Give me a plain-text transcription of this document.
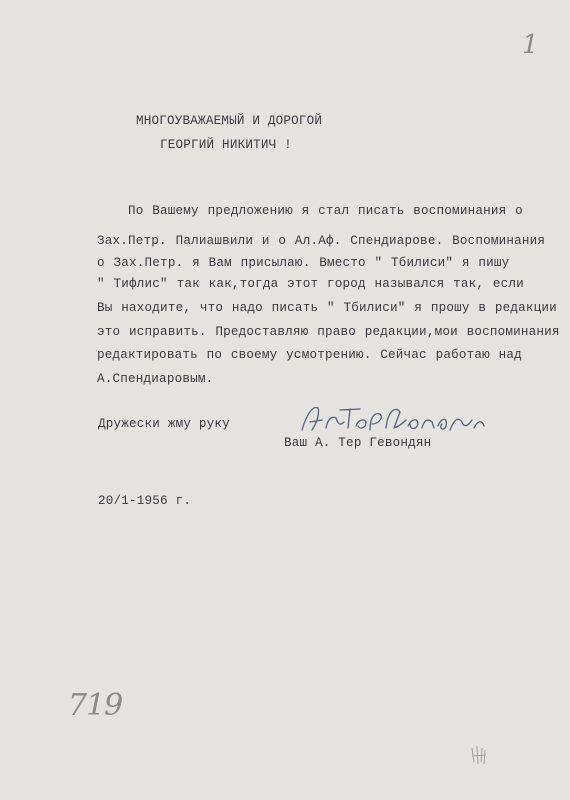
1
МНОГОУВАЖАЕМЫЙ И ДОРОГОЙ
ГЕОРГИЙ НИКИТИЧ !
По Вашему предложению я стал писать воспоминания о
Зах.Петр. Палиашвили и о Ал.Аф. Спендиарове. Воспоминания
о Зах.Петр. я Вам присылаю. Вместо " Тбилиси" я пишу
" Тифлис" так как,тогда этот город назывался так, если
Вы находите, что надо писать " Тбилиси" я прошу в редакции
это исправить. Предоставляю право редакции,мои воспоминания
редактировать по своему усмотрению. Сейчас работаю над
А.Спендиаровым.
Дружески жму руку
Ваш А. Тер Гевондян
20/1-1956 г.
719
